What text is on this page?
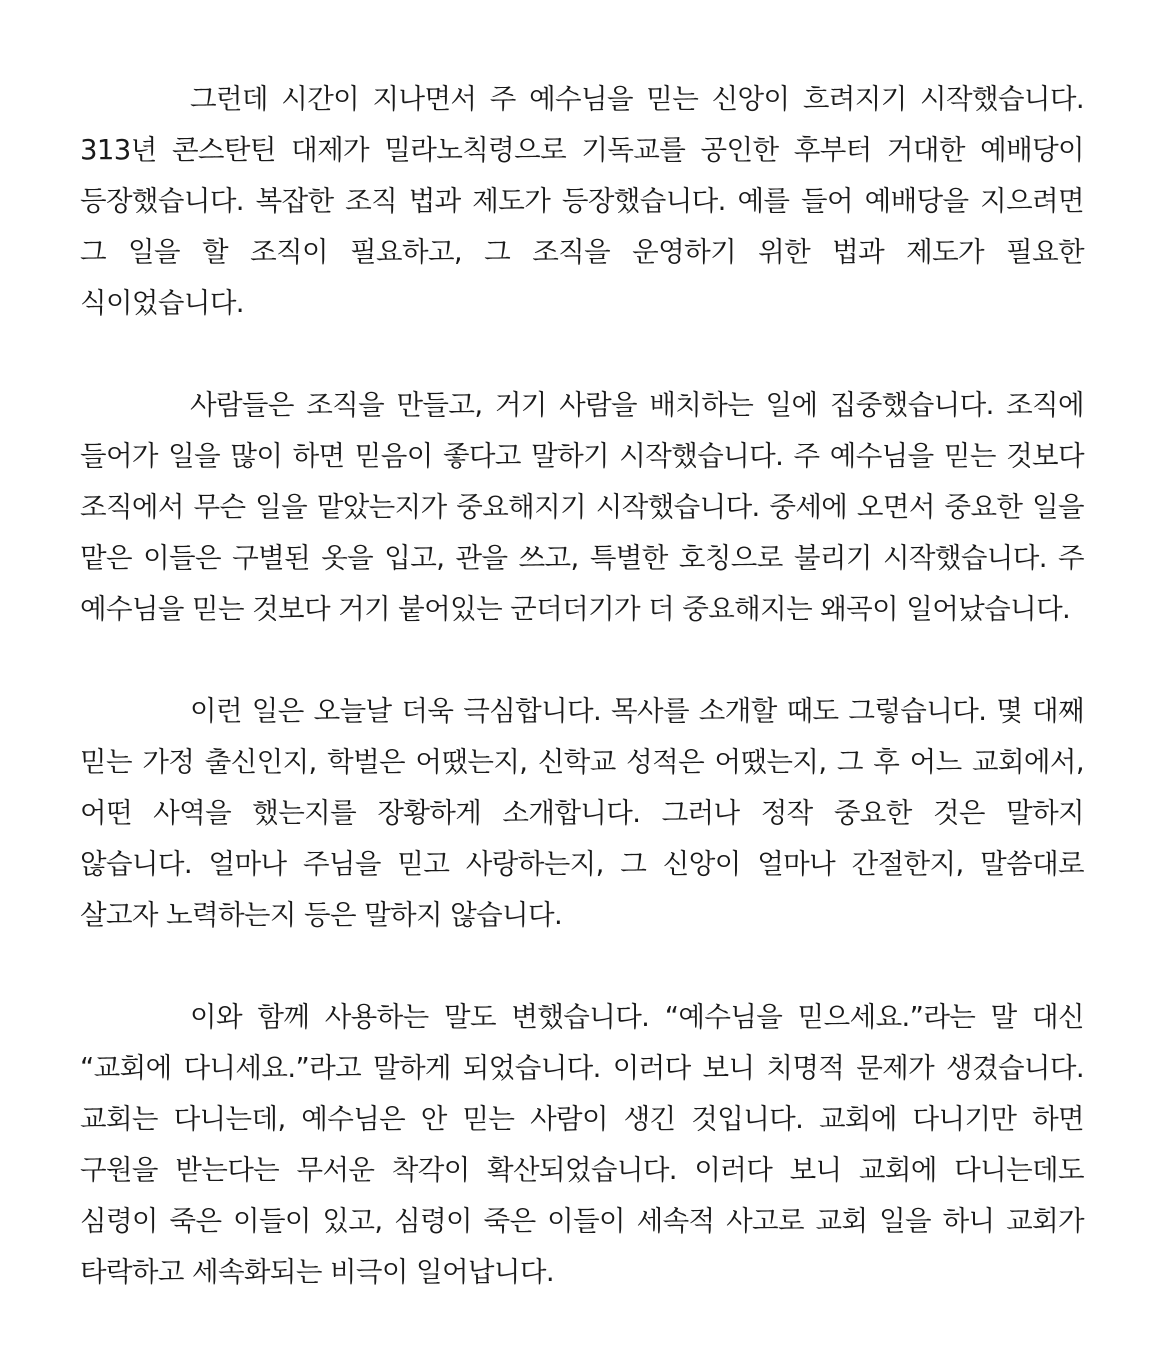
그런데 시간이 지나면서 주 예수님을 믿는 신앙이 흐려지기 시작했습니다. 313년 콘스탄틴 대제가 밀라노칙령으로 기독교를 공인한 후부터 거대한 예배당이 등장했습니다. 복잡한 조직 법과 제도가 등장했습니다. 예를 들어 예배당을 지으려면 그 일을 할 조직이 필요하고, 그 조직을 운영하기 위한 법과 제도가 필요한 식이었습니다.

사람들은 조직을 만들고, 거기 사람을 배치하는 일에 집중했습니다. 조직에 들어가 일을 많이 하면 믿음이 좋다고 말하기 시작했습니다. 주 예수님을 믿는 것보다 조직에서 무슨 일을 맡았는지가 중요해지기 시작했습니다. 중세에 오면서 중요한 일을 맡은 이들은 구별된 옷을 입고, 관을 쓰고, 특별한 호칭으로 불리기 시작했습니다. 주 예수님을 믿는 것보다 거기 붙어있는 군더더기가 더 중요해지는 왜곡이 일어났습니다.

이런 일은 오늘날 더욱 극심합니다. 목사를 소개할 때도 그렇습니다. 몇 대째 믿는 가정 출신인지, 학벌은 어땠는지, 신학교 성적은 어땠는지, 그 후 어느 교회에서, 어떤 사역을 했는지를 장황하게 소개합니다. 그러나 정작 중요한 것은 말하지 않습니다. 얼마나 주님을 믿고 사랑하는지, 그 신앙이 얼마나 간절한지, 말씀대로 살고자 노력하는지 등은 말하지 않습니다.

이와 함께 사용하는 말도 변했습니다. “예수님을 믿으세요.”라는 말 대신 “교회에 다니세요.”라고 말하게 되었습니다. 이러다 보니 치명적 문제가 생겼습니다. 교회는 다니는데, 예수님은 안 믿는 사람이 생긴 것입니다. 교회에 다니기만 하면 구원을 받는다는 무서운 착각이 확산되었습니다. 이러다 보니 교회에 다니는데도 심령이 죽은 이들이 있고, 심령이 죽은 이들이 세속적 사고로 교회 일을 하니 교회가 타락하고 세속화되는 비극이 일어납니다.
